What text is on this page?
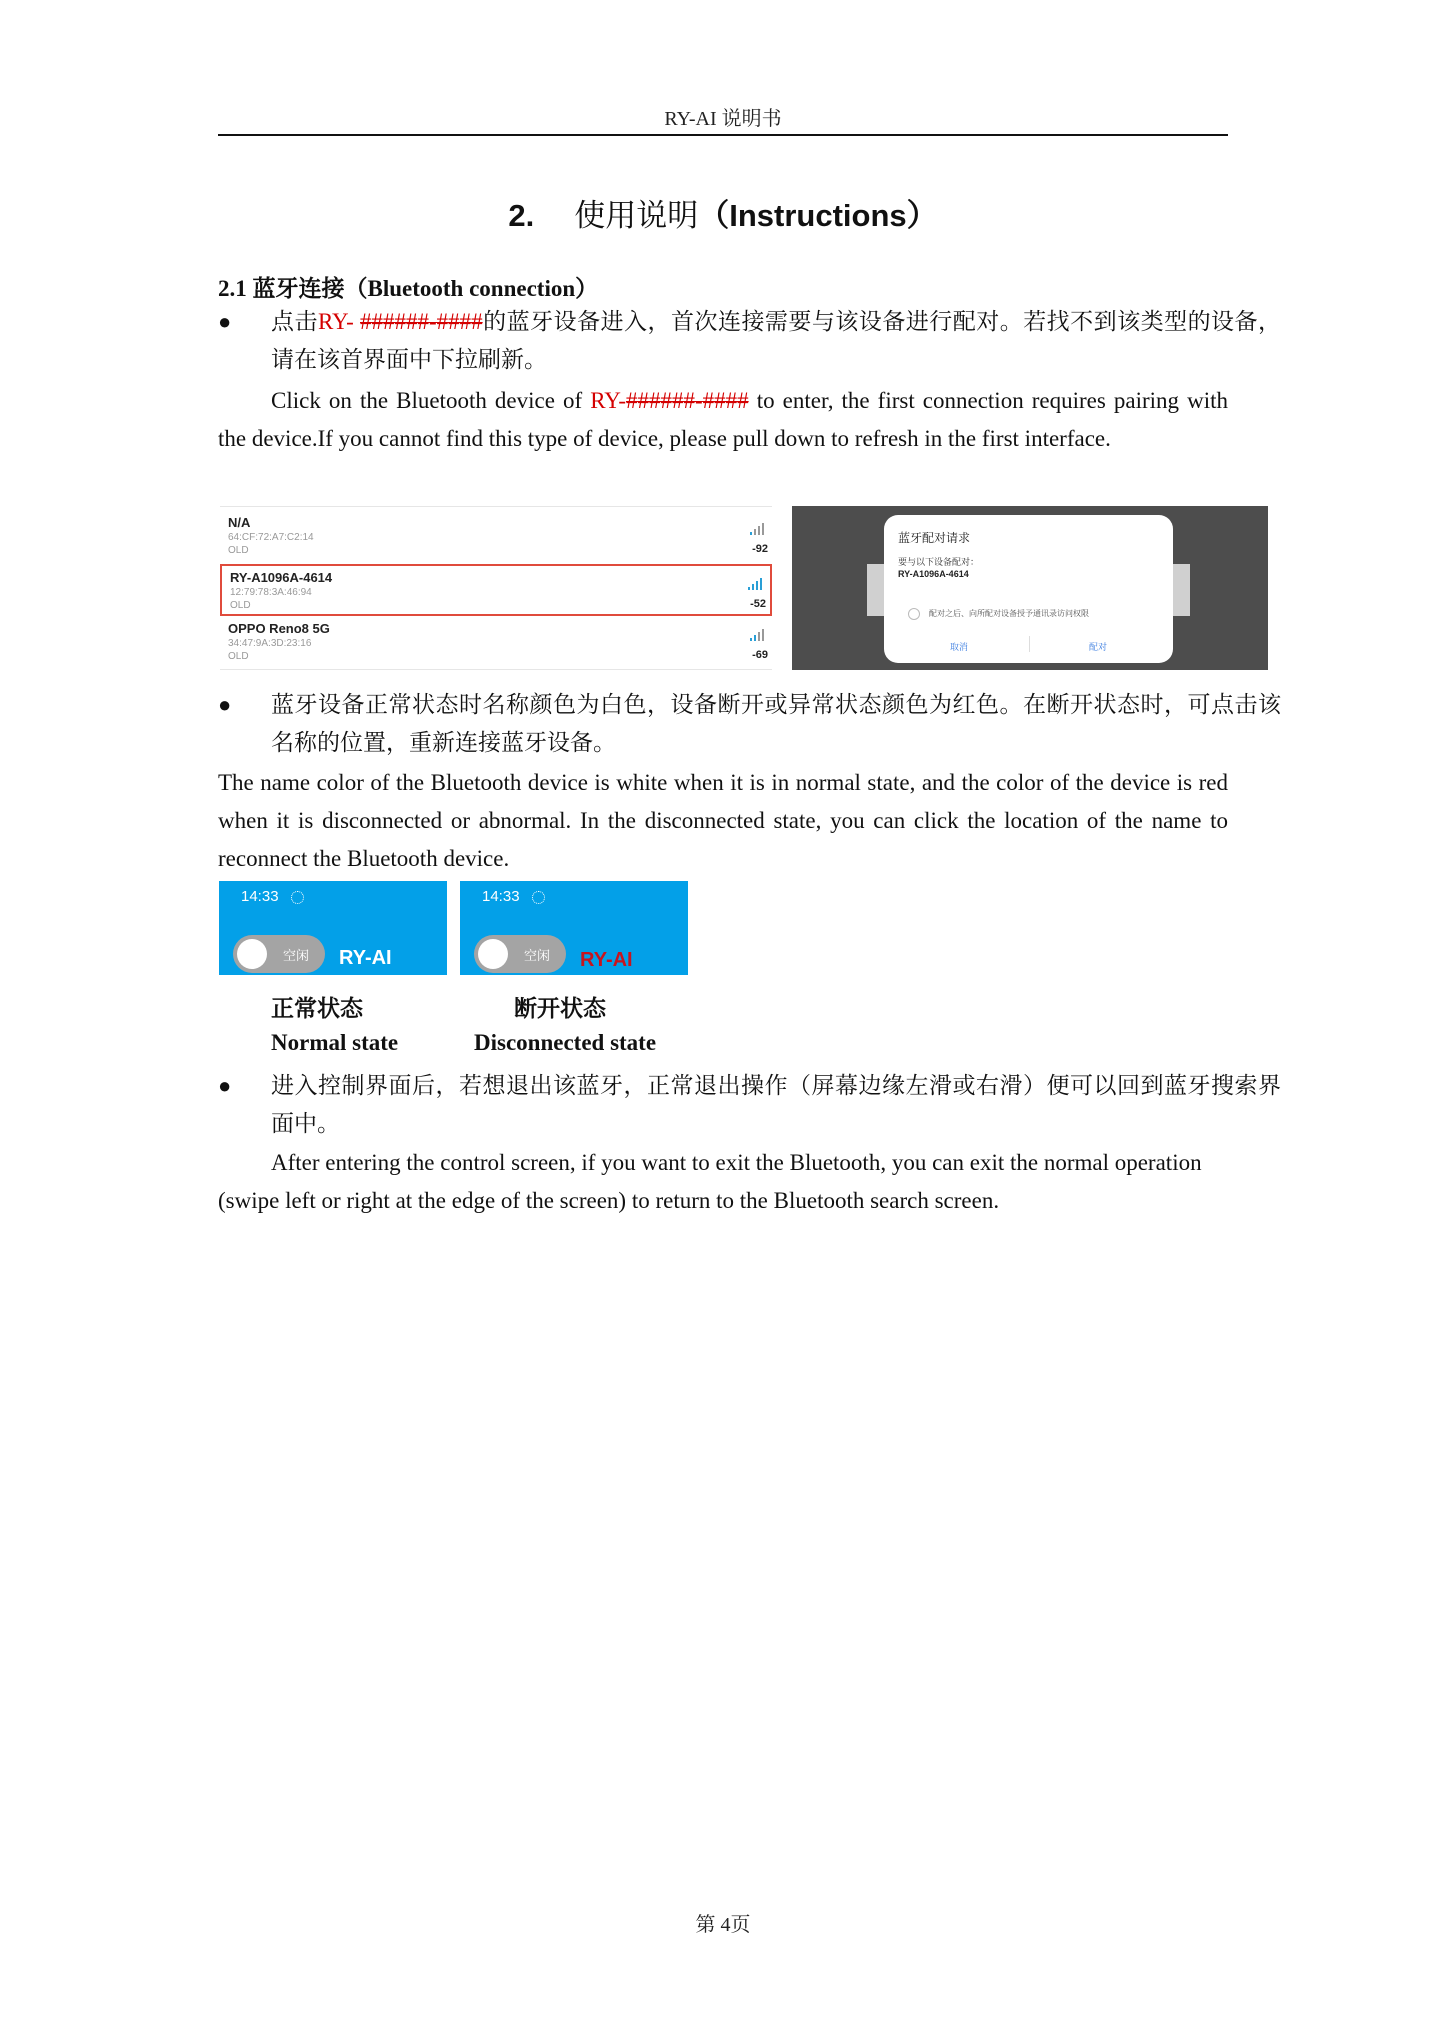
RY-AI 说明书
2. 使用说明（Instructions）
2.1 蓝牙连接（Bluetooth connection）
● 点击RY- ######-####的蓝牙设备进入，首次连接需要与该设备进行配对。若找不到该类型的设备，请在该首界面中下拉刷新。
Click on the Bluetooth device of RY-######-#### to enter, the first connection requires pairing with the device.If you cannot find this type of device, please pull down to refresh in the first interface.
N/A
64:CF:72:A7:C2:14
OLD	-92
RY-A1096A-4614
12:79:78:3A:46:94
OLD	-52
OPPO Reno8 5G
34:47:9A:3D:23:16
OLD	-69
蓝牙配对请求
要与以下设备配对：
RY-A1096A-4614
配对之后、向所配对设备授予通讯录访问权限
取消	配对
● 蓝牙设备正常状态时名称颜色为白色，设备断开或异常状态颜色为红色。在断开状态时，可点击该名称的位置，重新连接蓝牙设备。
The name color of the Bluetooth device is white when it is in normal state, and the color of the device is red when it is disconnected or abnormal. In the disconnected state, you can click the location of the name to reconnect the Bluetooth device.
14:33
空闲 RY-AI
14:33
空闲 RY-AI
正常状态	断开状态
Normal state	Disconnected state
● 进入控制界面后，若想退出该蓝牙，正常退出操作（屏幕边缘左滑或右滑）便可以回到蓝牙搜索界面中。
After entering the control screen, if you want to exit the Bluetooth, you can exit the normal operation (swipe left or right at the edge of the screen) to return to the Bluetooth search screen.
第 4页
